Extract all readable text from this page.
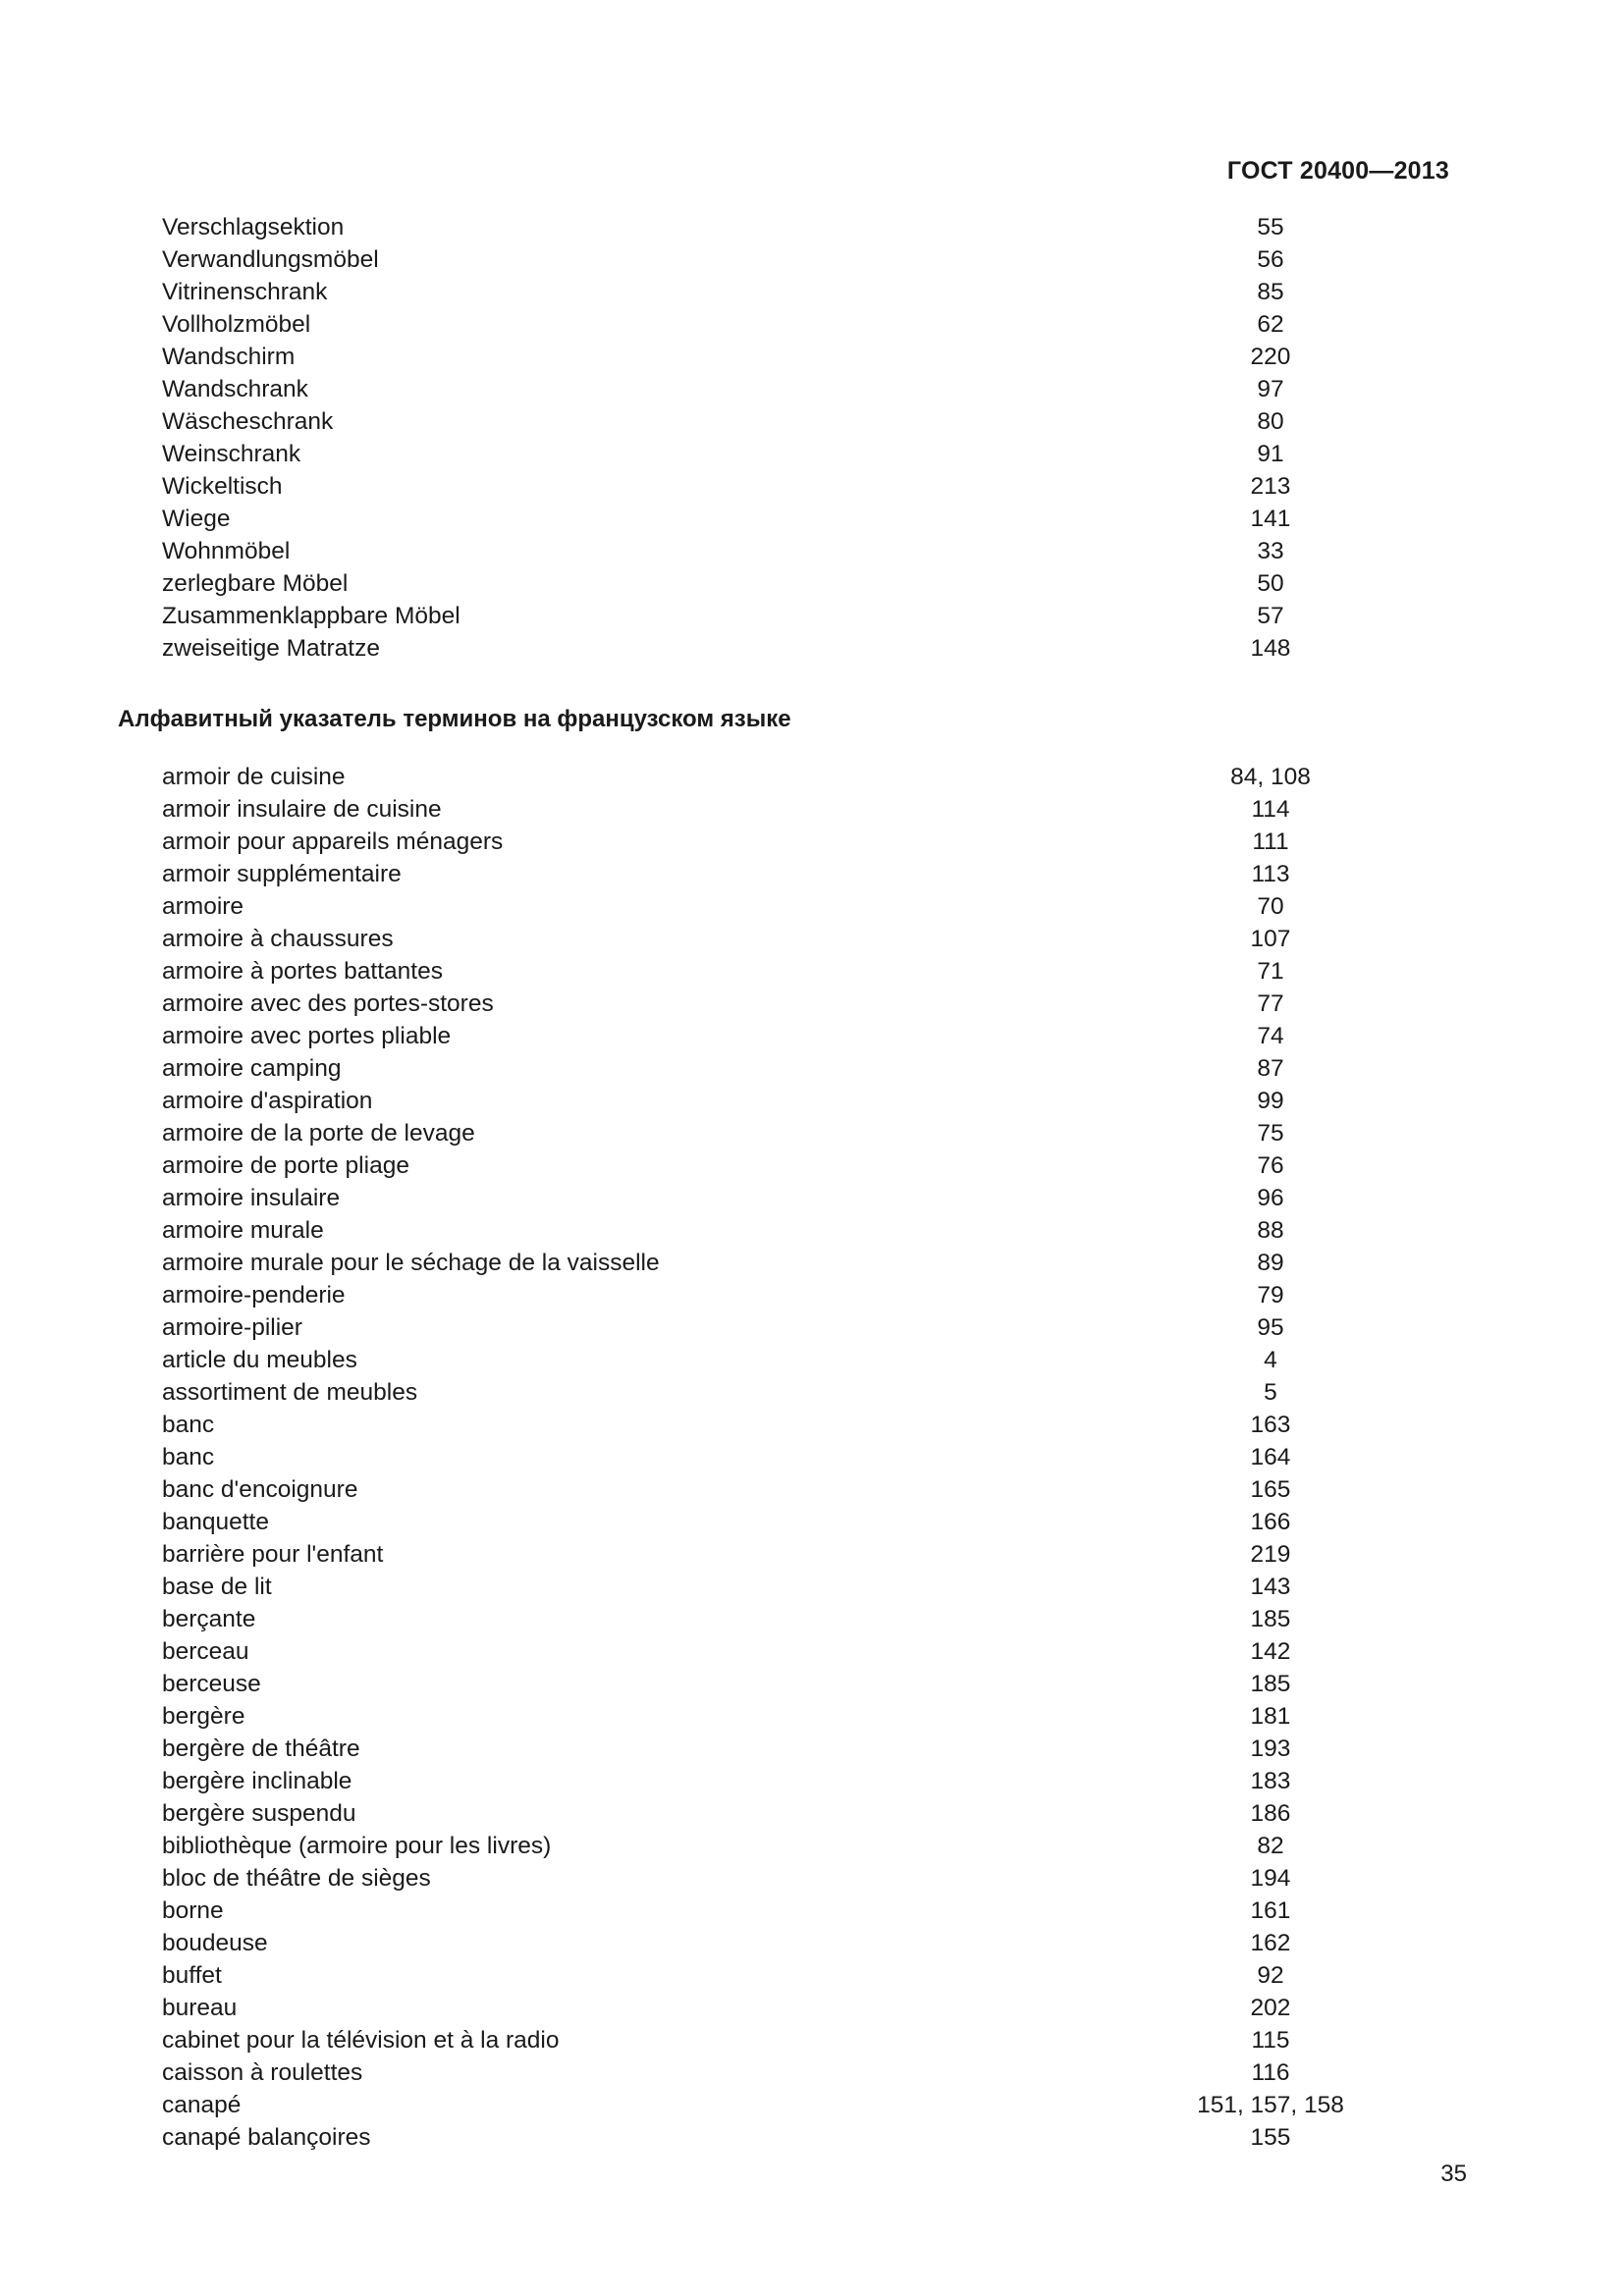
ГОСТ 20400—2013
Verschlagsektion	55
Verwandlungsmöbel	56
Vitrinenschrank	85
Vollholzmöbel	62
Wandschirm	220
Wandschrank	97
Wäscheschrank	80
Weinschrank	91
Wickeltisch	213
Wiege	141
Wohnmöbel	33
zerlegbare Möbel	50
Zusammenklappbare Möbel	57
zweiseitige Matratze	148
Алфавитный указатель терминов на французском языке
armoir de cuisine	84, 108
armoir insulaire de cuisine	114
armoir pour appareils ménagers	111
armoir supplémentaire	113
armoire	70
armoire à chaussures	107
armoire à portes battantes	71
armoire avec des portes-stores	77
armoire avec portes pliable	74
armoire camping	87
armoire d'aspiration	99
armoire de la porte de levage	75
armoire de porte pliage	76
armoire insulaire	96
armoire murale	88
armoire murale pour le séchage de la vaisselle	89
armoire-penderie	79
armoire-pilier	95
article du meubles	4
assortiment de meubles	5
banc	163
banc	164
banc d'encoignure	165
banquette	166
barrière pour l'enfant	219
base de lit	143
berçante	185
berceau	142
berceuse	185
bergère	181
bergère de théâtre	193
bergère inclinable	183
bergère suspendu	186
bibliothèque (armoire pour les livres)	82
bloc de théâtre de sièges	194
borne	161
boudeuse	162
buffet	92
bureau	202
cabinet pour la télévision et à la radio	115
caisson à roulettes	116
canapé	151, 157, 158
canapé balançoires	155
35
